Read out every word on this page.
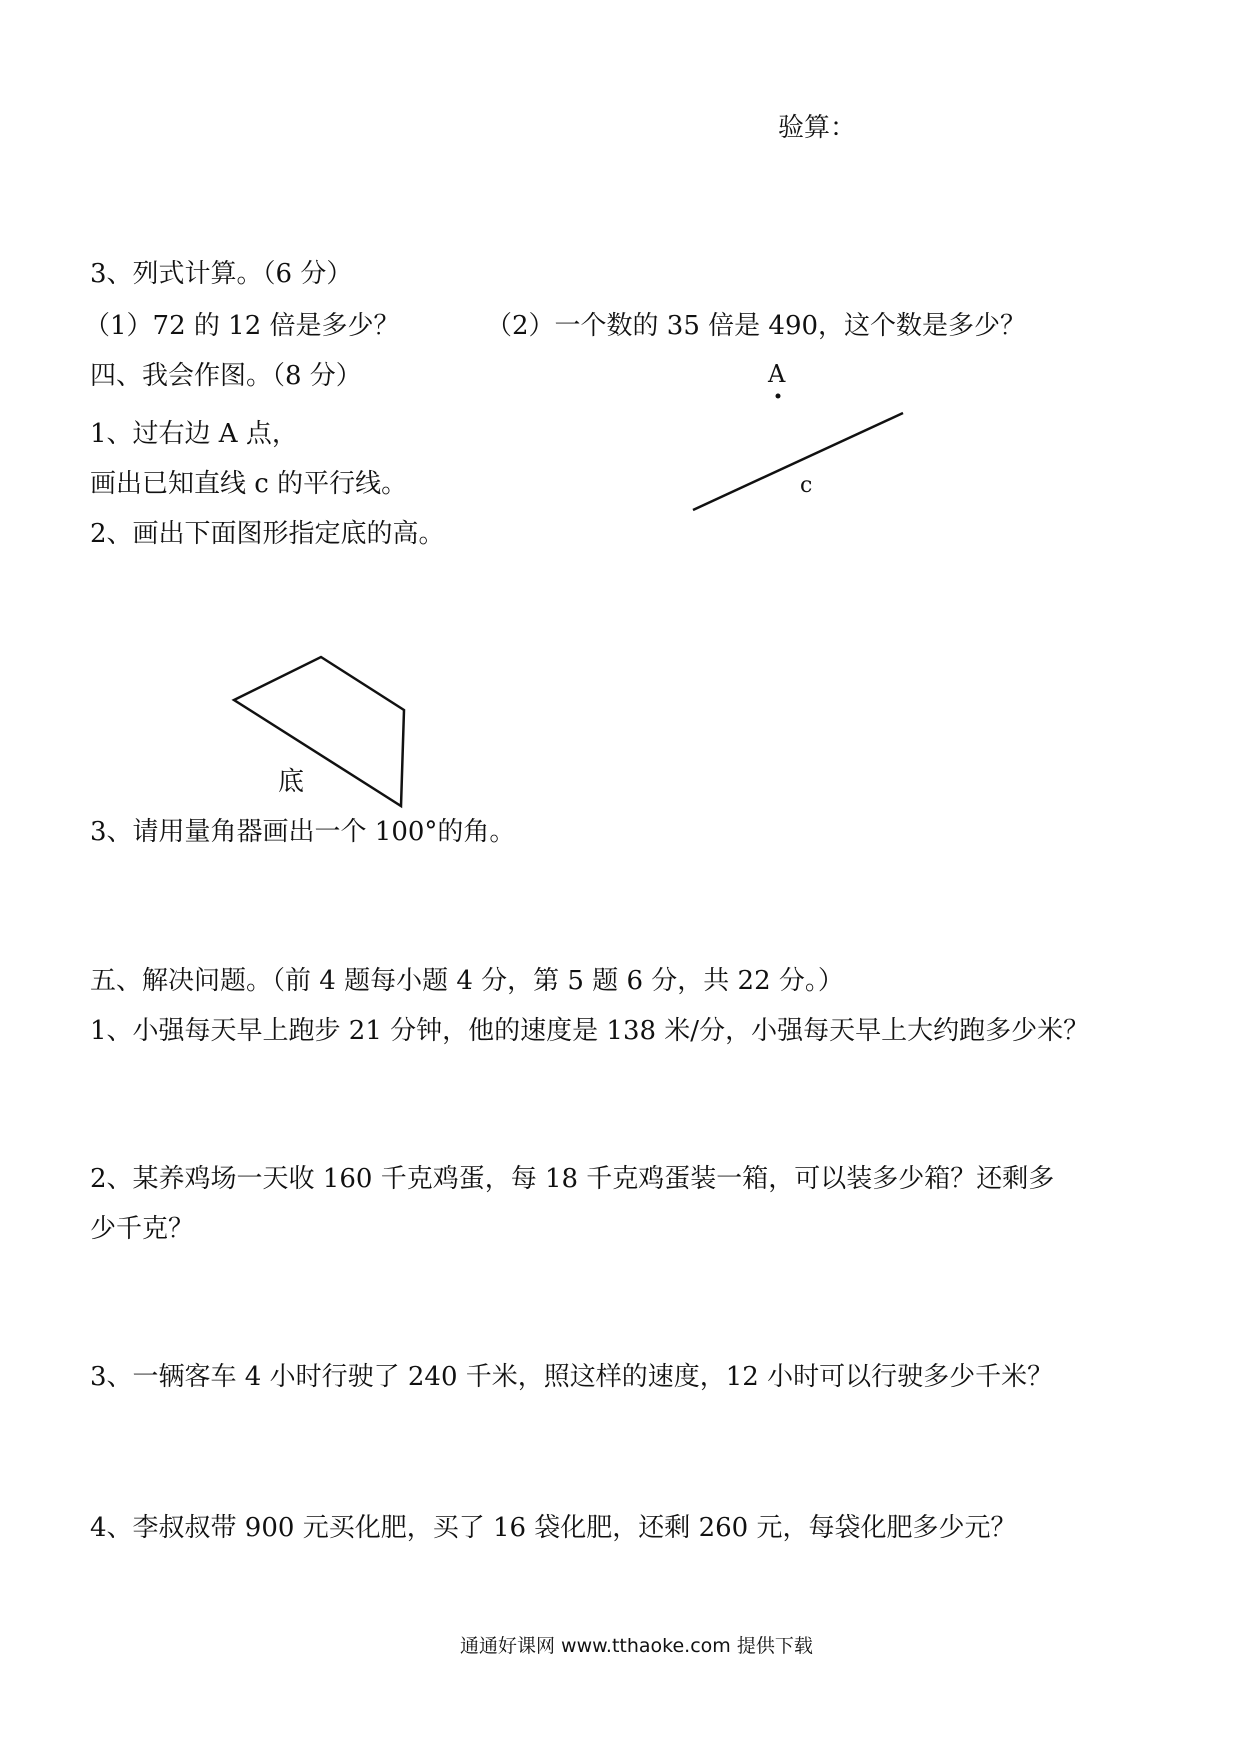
验算：
3、列式计算。（6 分）
（1）72 的 12 倍是多少？	（2）一个数的 35 倍是 490，这个数是多少？
四、我会作图。（8 分）
1、过右边 A 点，
画出已知直线 c 的平行线。
2、画出下面图形指定底的高。
A
c
底
3、请用量角器画出一个 100°的角。
五、解决问题。（前 4 题每小题 4 分，第 5 题 6 分，共 22 分。）
1、小强每天早上跑步 21 分钟，他的速度是 138 米/分，小强每天早上大约跑多少米？
2、某养鸡场一天收 160 千克鸡蛋，每 18 千克鸡蛋装一箱，可以装多少箱？还剩多
少千克？
3、一辆客车 4 小时行驶了 240 千米，照这样的速度，12 小时可以行驶多少千米？
4、李叔叔带 900 元买化肥，买了 16 袋化肥，还剩 260 元，每袋化肥多少元？
通通好课网 www.tthaoke.com 提供下载
